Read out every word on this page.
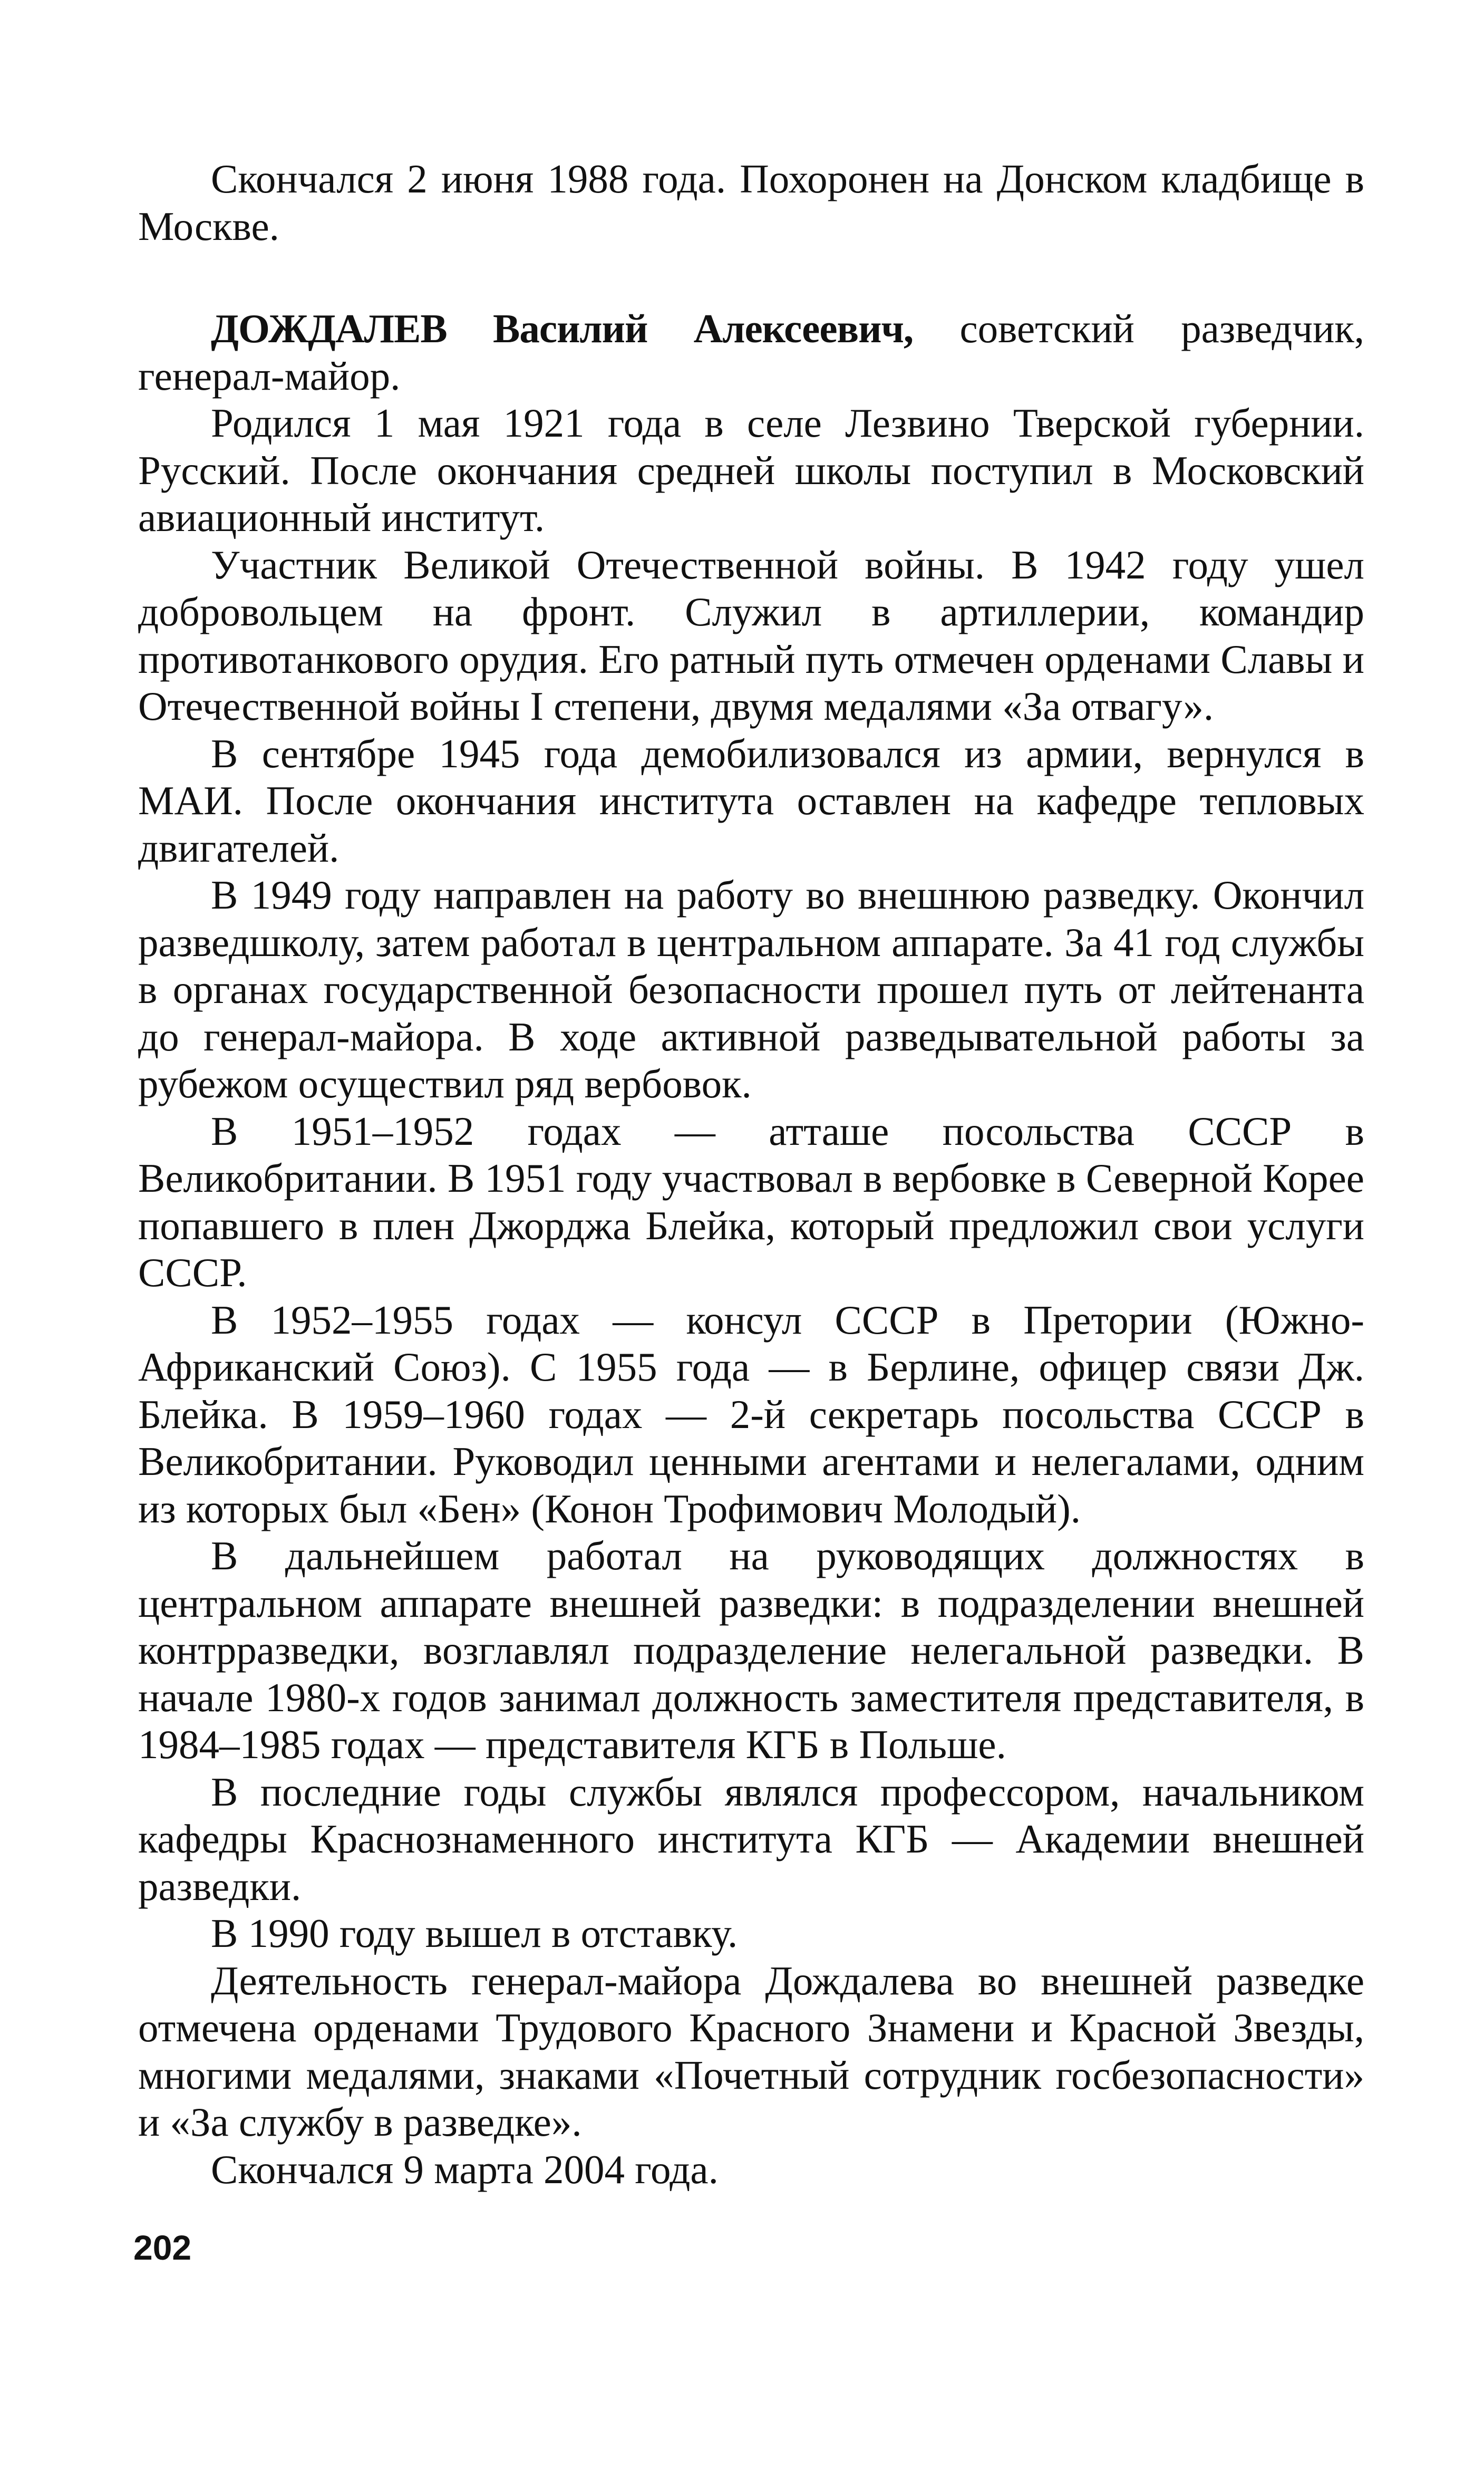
Скончался 2 июня 1988 года. Похоронен на Донском кладбище в Москве.

ДОЖДАЛЕВ Василий Алексеевич, советский разведчик, генерал-майор.

Родился 1 мая 1921 года в селе Лезвино Тверской губернии. Русский. После окончания средней школы поступил в Московский авиационный институт.

Участник Великой Отечественной войны. В 1942 году ушел добровольцем на фронт. Служил в артиллерии, командир противотанкового орудия. Его ратный путь отмечен орденами Славы и Отечественной войны I степени, двумя медалями «За отвагу».

В сентябре 1945 года демобилизовался из армии, вернулся в МАИ. После окончания института оставлен на кафедре тепловых двигателей.

В 1949 году направлен на работу во внешнюю разведку. Окончил разведшколу, затем работал в центральном аппарате. За 41 год службы в органах государственной безопасности прошел путь от лейтенанта до генерал-майора. В ходе активной разведывательной работы за рубежом осуществил ряд вербовок.

В 1951–1952 годах — атташе посольства СССР в Великобритании. В 1951 году участвовал в вербовке в Северной Корее попавшего в плен Джорджа Блейка, который предложил свои услуги СССР.

В 1952–1955 годах — консул СССР в Претории (Южно-Африканский Союз). С 1955 года — в Берлине, офицер связи Дж. Блейка. В 1959–1960 годах — 2-й секретарь посольства СССР в Великобритании. Руководил ценными агентами и нелегалами, одним из которых был «Бен» (Конон Трофимович Молодый).

В дальнейшем работал на руководящих должностях в центральном аппарате внешней разведки: в подразделении внешней контрразведки, возглавлял подразделение нелегальной разведки. В начале 1980-х годов занимал должность заместителя представителя, в 1984–1985 годах — представителя КГБ в Польше.

В последние годы службы являлся профессором, начальником кафедры Краснознаменного института КГБ — Академии внешней разведки.

В 1990 году вышел в отставку.

Деятельность генерал-майора Дождалева во внешней разведке отмечена орденами Трудового Красного Знамени и Красной Звезды, многими медалями, знаками «Почетный сотрудник госбезопасности» и «За службу в разведке».

Скончался 9 марта 2004 года.

202
